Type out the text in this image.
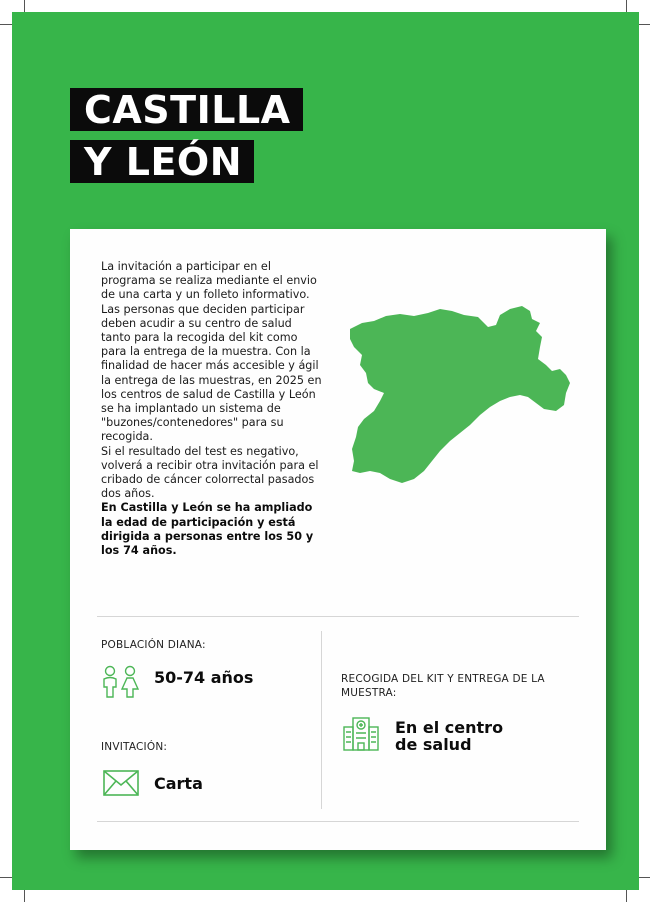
CASTILLA
Y LEÓN

La invitación a participar en el programa se realiza mediante el envio de una carta y un folleto informativo. Las personas que deciden participar deben acudir a su centro de salud tanto para la recogida del kit como para la entrega de la muestra. Con la finalidad de hacer más accesible y ágil la entrega de las muestras, en 2025 en los centros de salud de Castilla y León se ha implantado un sistema de "buzones/contenedores" para su recogida.

Si el resultado del test es negativo, volverá a recibir otra invitación para el cribado de cáncer colorrectal pasados dos años.

En Castilla y León se ha ampliado la edad de participación y está dirigida a personas entre los 50 y los 74 años.

POBLACIÓN DIANA:
50-74 años
INVITACIÓN:
Carta
RECOGIDA DEL KIT Y ENTREGA DE LA MUESTRA:
En el centro
de salud
